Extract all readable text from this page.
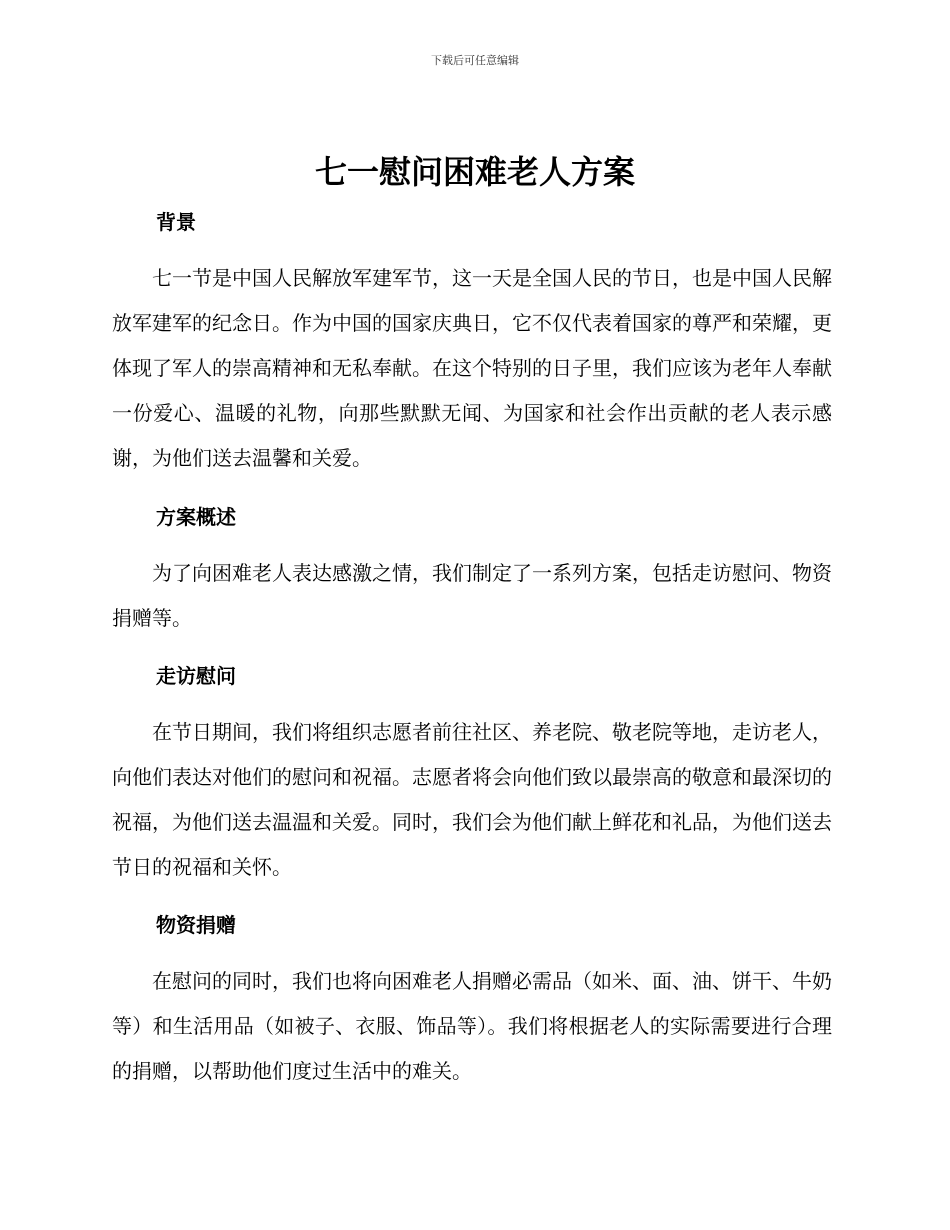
下载后可任意编辑
七一慰问困难老人方案
背景
七一节是中国人民解放军建军节，这一天是全国人民的节日，也是中国人民解放军建军的纪念日。作为中国的国家庆典日，它不仅代表着国家的尊严和荣耀，更体现了军人的崇高精神和无私奉献。在这个特别的日子里，我们应该为老年人奉献一份爱心、温暖的礼物，向那些默默无闻、为国家和社会作出贡献的老人表示感谢，为他们送去温馨和关爱。
方案概述
为了向困难老人表达感激之情，我们制定了一系列方案，包括走访慰问、物资捐赠等。
走访慰问
在节日期间，我们将组织志愿者前往社区、养老院、敬老院等地，走访老人，向他们表达对他们的慰问和祝福。志愿者将会向他们致以最崇高的敬意和最深切的祝福，为他们送去温温和关爱。同时，我们会为他们献上鲜花和礼品，为他们送去节日的祝福和关怀。
物资捐赠
在慰问的同时，我们也将向困难老人捐赠必需品（如米、面、油、饼干、牛奶等）和生活用品（如被子、衣服、饰品等）。我们将根据老人的实际需要进行合理的捐赠，以帮助他们度过生活中的难关。
